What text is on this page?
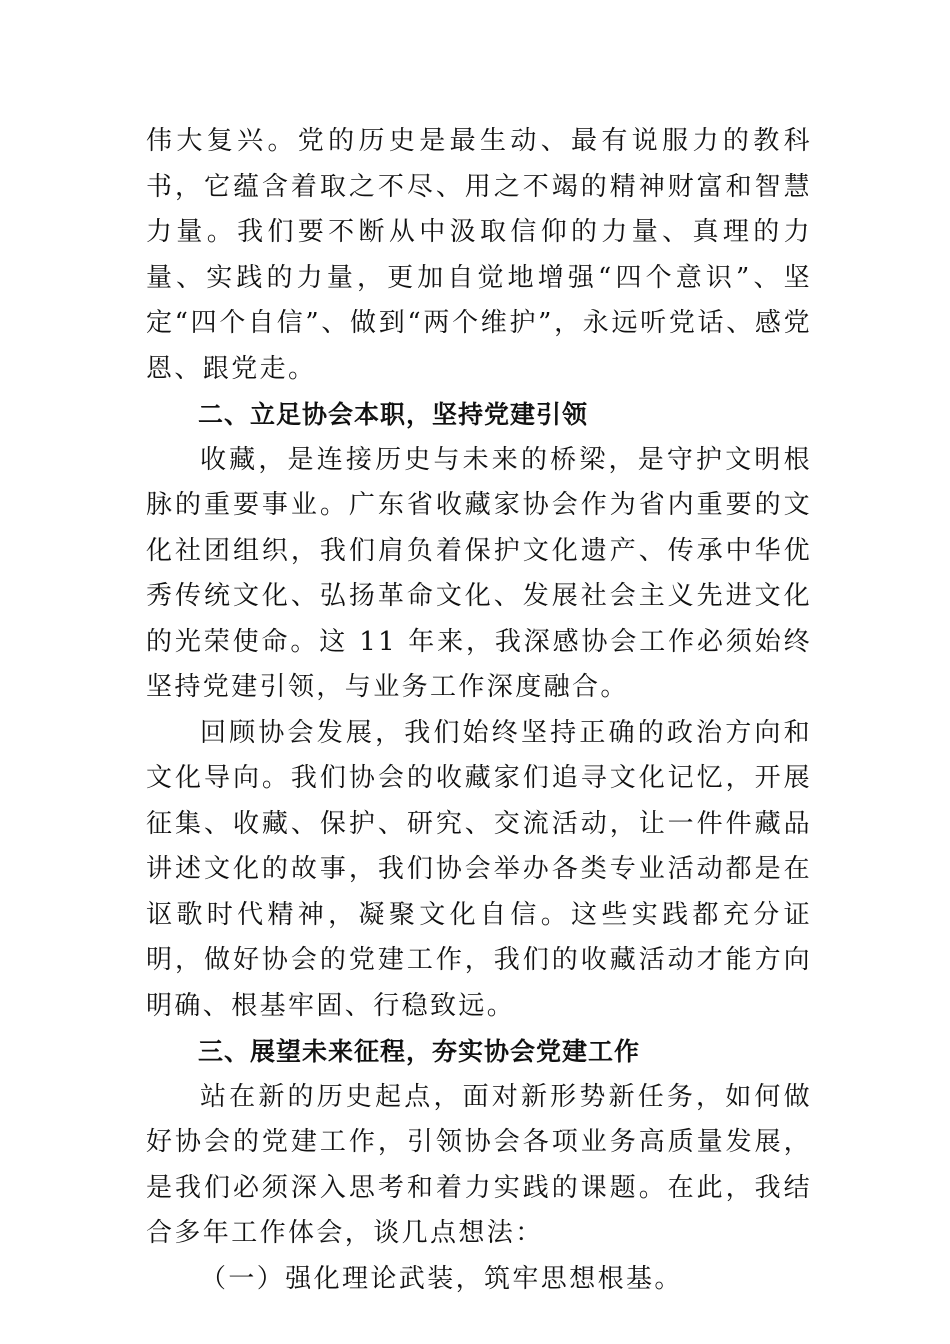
伟大复兴。党的历史是最生动、最有说服力的教科书，它蕴含着取之不尽、用之不竭的精神财富和智慧力量。我们要不断从中汲取信仰的力量、真理的力量、实践的力量，更加自觉地增强“四个意识”、坚定“四个自信”、做到“两个维护”，永远听党话、感党恩、跟党走。

二、立足协会本职，坚持党建引领

收藏，是连接历史与未来的桥梁，是守护文明根脉的重要事业。广东省收藏家协会作为省内重要的文化社团组织，我们肩负着保护文化遗产、传承中华优秀传统文化、弘扬革命文化、发展社会主义先进文化的光荣使命。这 11 年来，我深感协会工作必须始终坚持党建引领，与业务工作深度融合。

回顾协会发展，我们始终坚持正确的政治方向和文化导向。我们协会的收藏家们追寻文化记忆，开展征集、收藏、保护、研究、交流活动，让一件件藏品讲述文化的故事，我们协会举办各类专业活动都是在讴歌时代精神，凝聚文化自信。这些实践都充分证明，做好协会的党建工作，我们的收藏活动才能方向明确、根基牢固、行稳致远。

三、展望未来征程，夯实协会党建工作

站在新的历史起点，面对新形势新任务，如何做好协会的党建工作，引领协会各项业务高质量发展，是我们必须深入思考和着力实践的课题。在此，我结合多年工作体会，谈几点想法：

（一）强化理论武装，筑牢思想根基。
